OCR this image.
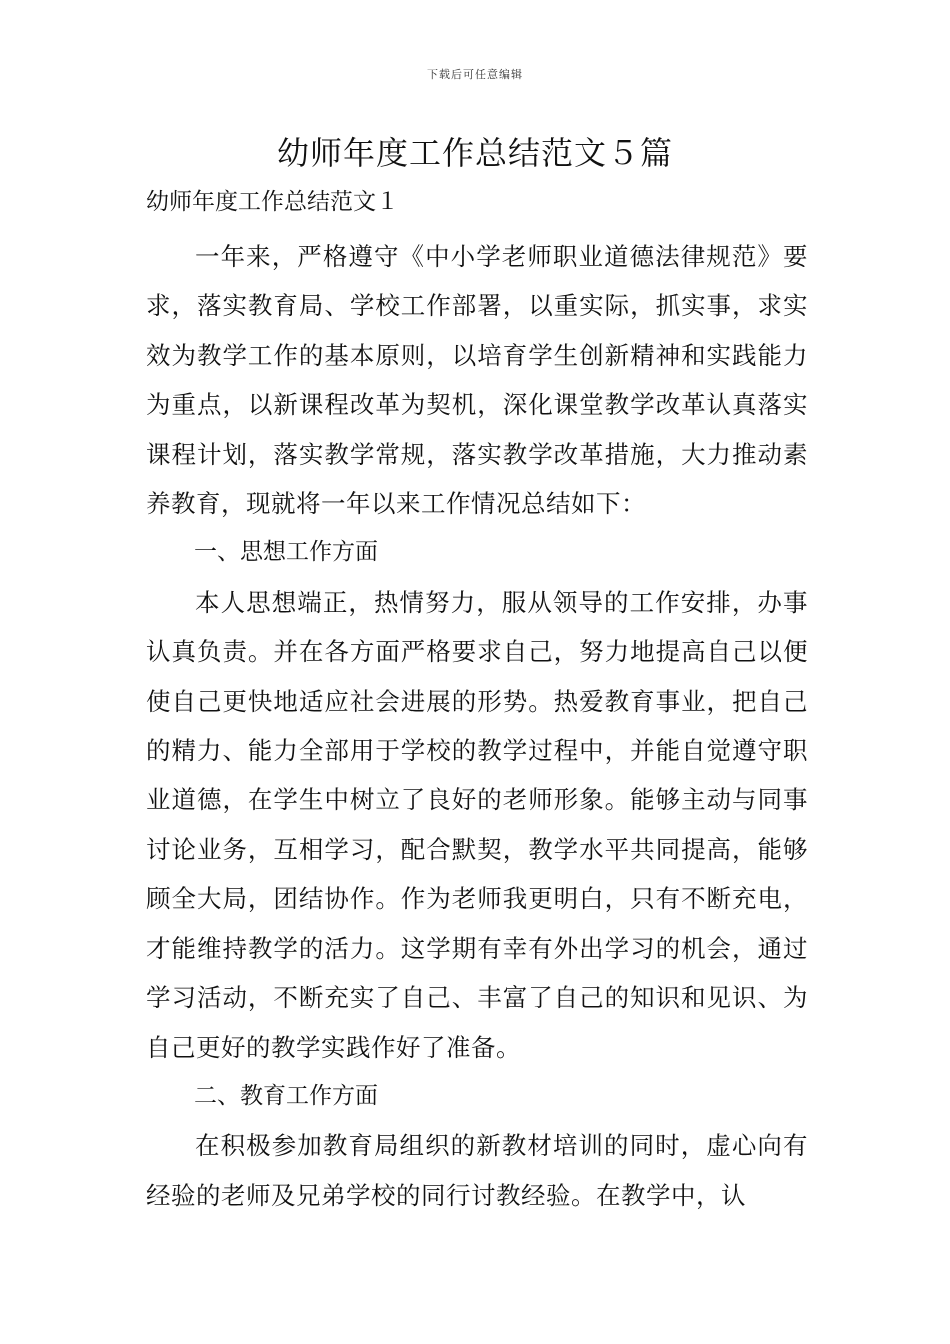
下载后可任意编辑
幼师年度工作总结范文５篇

幼师年度工作总结范文１

一年来，严格遵守《中小学老师职业道德法律规范》要求，落实教育局、学校工作部署，以重实际，抓实事，求实效为教学工作的基本原则，以培育学生创新精神和实践能力为重点，以新课程改革为契机，深化课堂教学改革认真落实课程计划，落实教学常规，落实教学改革措施，大力推动素养教育，现就将一年以来工作情况总结如下：

一、思想工作方面

本人思想端正，热情努力，服从领导的工作安排，办事认真负责。并在各方面严格要求自己，努力地提高自己以便使自己更快地适应社会进展的形势。热爱教育事业，把自己的精力、能力全部用于学校的教学过程中，并能自觉遵守职业道德，在学生中树立了良好的老师形象。能够主动与同事讨论业务，互相学习，配合默契，教学水平共同提高，能够顾全大局，团结协作。作为老师我更明白，只有不断充电，才能维持教学的活力。这学期有幸有外出学习的机会，通过学习活动，不断充实了自己、丰富了自己的知识和见识、为自己更好的教学实践作好了准备。

二、教育工作方面

在积极参加教育局组织的新教材培训的同时，虚心向有经验的老师及兄弟学校的同行讨教经验。在教学中，认
